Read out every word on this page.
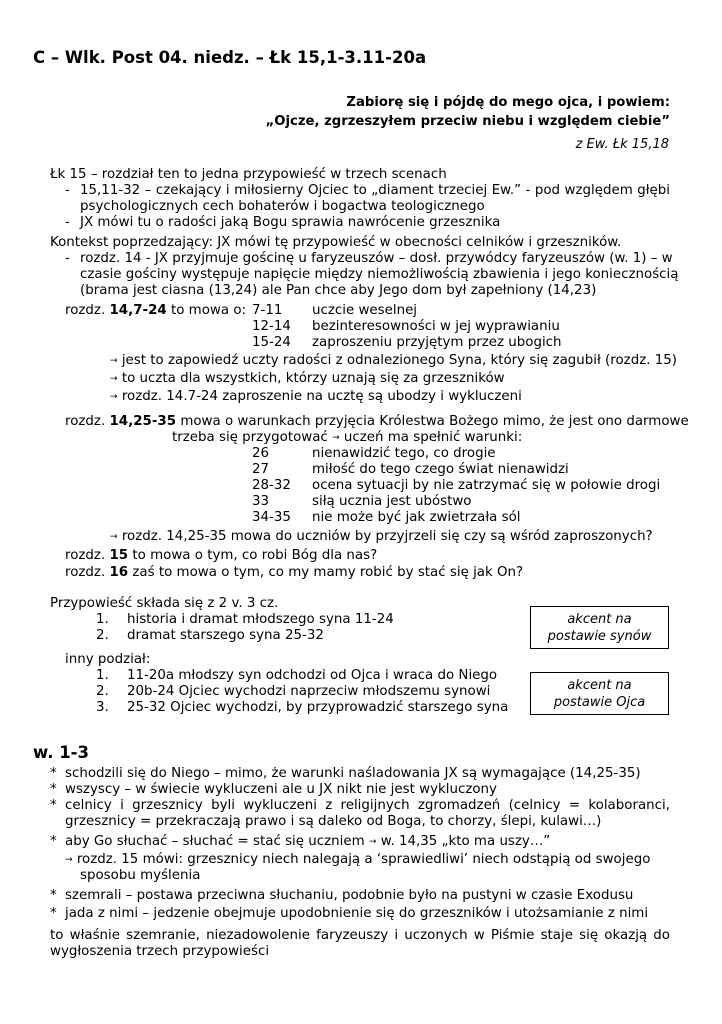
C – Wlk. Post 04. niedz. – Łk 15,1-3.11-20a
Zabiorę się i pójdę do mego ojca, i powiem:
„Ojcze, zgrzeszyłem przeciw niebu i względem ciebie”
z Ew. Łk 15,18
Łk 15 – rozdział ten to jedna przypowieść w trzech scenach
- 15,11-32 – czekający i miłosierny Ojciec to „diament trzeciej Ew.” - pod względem głębi
psychologicznych cech bohaterów i bogactwa teologicznego
- JX mówi tu o radości jaką Bogu sprawia nawrócenie grzesznika
Kontekst poprzedzający: JX mówi tę przypowieść w obecności celników i grzeszników.
- rozdz. 14 - JX przyjmuje gościnę u faryzeuszów – dosł. przywódcy faryzeuszów (w. 1) – w
czasie gościny występuje napięcie między niemożliwością zbawienia i jego koniecznością
(brama jest ciasna (13,24) ale Pan chce aby Jego dom był zapełniony (14,23)
rozdz. 14,7-24 to mowa o: 7-11 uczcie weselnej
12-14 bezinteresowności w jej wyprawianiu
15-24 zaproszeniu przyjętym przez ubogich
→ jest to zapowiedź uczty radości z odnalezionego Syna, który się zagubił (rozdz. 15)
→ to uczta dla wszystkich, którzy uznają się za grzeszników
→ rozdz. 14.7-24 zaproszenie na ucztę są ubodzy i wykluczeni
rozdz. 14,25-35 mowa o warunkach przyjęcia Królestwa Bożego mimo, że jest ono darmowe
trzeba się przygotować → uczeń ma spełnić warunki:
26	nienawidzić tego, co drogie
27	miłość do tego czego świat nienawidzi
28-32 ocena sytuacji by nie zatrzymać się w połowie drogi
33	siłą ucznia jest ubóstwo
34-35 nie może być jak zwietrzała sól
→ rozdz. 14,25-35 mowa do uczniów by przyjrzeli się czy są wśród zaproszonych?
rozdz. 15 to mowa o tym, co robi Bóg dla nas?
rozdz. 16 zaś to mowa o tym, co my mamy robić by stać się jak On?
Przypowieść składa się z 2 v. 3 cz.
1. historia i dramat młodszego syna 11-24
2. dramat starszego syna 25-32
akcent na
postawie synów
inny podział:
1. 11-20a młodszy syn odchodzi od Ojca i wraca do Niego
2. 20b-24 Ojciec wychodzi naprzeciw młodszemu synowi
3. 25-32 Ojciec wychodzi, by przyprowadzić starszego syna
akcent na
postawie Ojca
w. 1-3
* schodzili się do Niego – mimo, że warunki naśladowania JX są wymagające (14,25-35)
* wszyscy – w świecie wykluczeni ale u JX nikt nie jest wykluczony
* celnicy i grzesznicy byli wykluczeni z religijnych zgromadzeń (celnicy = kolaboranci,
grzesznicy = przekraczają prawo i są daleko od Boga, to chorzy, ślepi, kulawi…)
* aby Go słuchać – słuchać = stać się uczniem → w. 14,35 „kto ma uszy…”
→ rozdz. 15 mówi: grzesznicy niech nalegają a ‘sprawiedliwi’ niech odstąpią od swojego
sposobu myślenia
* szemrali – postawa przeciwna słuchaniu, podobnie było na pustyni w czasie Exodusu
* jada z nimi – jedzenie obejmuje upodobnienie się do grzeszników i utożsamianie z nimi
to właśnie szemranie, niezadowolenie faryzeuszy i uczonych w Piśmie staje się okazją do
wygłoszenia trzech przypowieści
